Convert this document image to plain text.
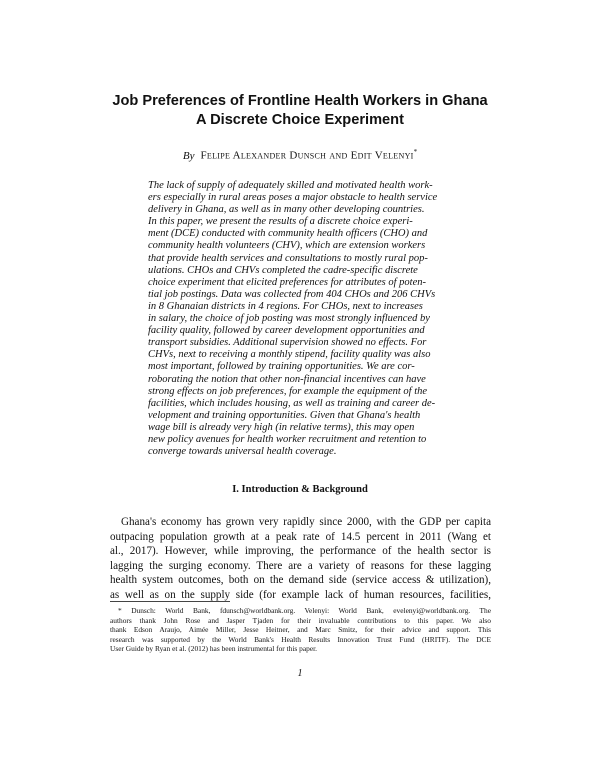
Job Preferences of Frontline Health Workers in Ghana
A Discrete Choice Experiment
By Felipe Alexander Dunsch and Edit Velenyi*
The lack of supply of adequately skilled and motivated health work-
ers especially in rural areas poses a major obstacle to health service
delivery in Ghana, as well as in many other developing countries.
In this paper, we present the results of a discrete choice experi-
ment (DCE) conducted with community health officers (CHO) and
community health volunteers (CHV), which are extension workers
that provide health services and consultations to mostly rural pop-
ulations. CHOs and CHVs completed the cadre-specific discrete
choice experiment that elicited preferences for attributes of poten-
tial job postings. Data was collected from 404 CHOs and 206 CHVs
in 8 Ghanaian districts in 4 regions. For CHOs, next to increases
in salary, the choice of job posting was most strongly influenced by
facility quality, followed by career development opportunities and
transport subsidies. Additional supervision showed no effects. For
CHVs, next to receiving a monthly stipend, facility quality was also
most important, followed by training opportunities. We are cor-
roborating the notion that other non-financial incentives can have
strong effects on job preferences, for example the equipment of the
facilities, which includes housing, as well as training and career de-
velopment and training opportunities. Given that Ghana's health
wage bill is already very high (in relative terms), this may open
new policy avenues for health worker recruitment and retention to
converge towards universal health coverage.
I. Introduction & Background
Ghana's economy has grown very rapidly since 2000, with the GDP per capita
outpacing population growth at a peak rate of 14.5 percent in 2011 (Wang et
al., 2017). However, while improving, the performance of the health sector is
lagging the surging economy. There are a variety of reasons for these lagging
health system outcomes, both on the demand side (service access & utilization),
as well as on the supply side (for example lack of human resources, facilities,
* Dunsch: World Bank, fdunsch@worldbank.org. Velenyi: World Bank, evelenyi@worldbank.org. The
authors thank John Rose and Jasper Tjaden for their invaluable contributions to this paper. We also
thank Edson Araujo, Aimée Miller, Jesse Heitner, and Marc Smitz, for their advice and support. This
research was supported by the World Bank's Health Results Innovation Trust Fund (HRITF). The DCE
User Guide by Ryan et al. (2012) has been instrumental for this paper.
1
